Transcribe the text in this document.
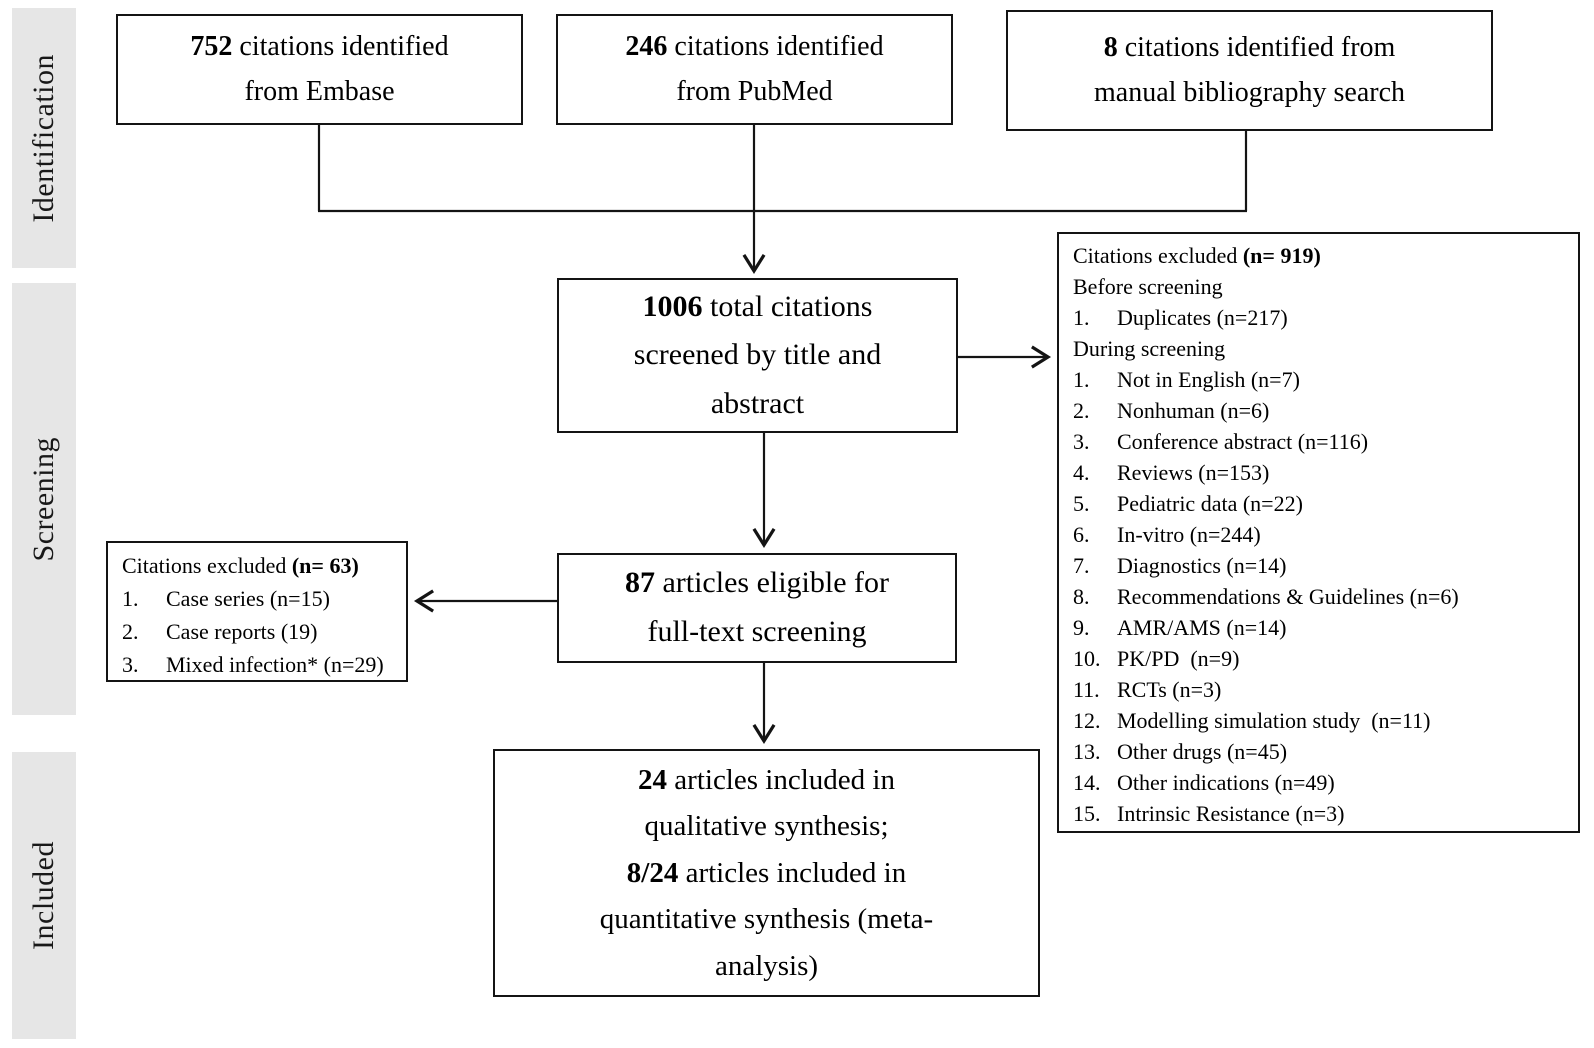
Identification
Screening
Included
752 citations identified
from Embase
246 citations identified
from PubMed
8 citations identified from
manual bibliography search
1006 total citations
screened by title and
abstract
Citations excluded (n= 919)
Before screening
1.	Duplicates (n=217)
During screening
1.	Not in English (n=7)
2.	Nonhuman (n=6)
3.	Conference abstract (n=116)
4.	Reviews (n=153)
5.	Pediatric data (n=22)
6.	In-vitro (n=244)
7.	Diagnostics (n=14)
8.	Recommendations & Guidelines (n=6)
9.	AMR/AMS (n=14)
10. PK/PD  (n=9)
11. RCTs (n=3)
12. Modelling simulation study  (n=11)
13. Other drugs (n=45)
14. Other indications (n=49)
15. Intrinsic Resistance (n=3)
87 articles eligible for
full-text screening
Citations excluded (n= 63)
1.	Case series (n=15)
2.	Case reports (19)
3.	Mixed infection* (n=29)
24 articles included in
qualitative synthesis;
8/24 articles included in
quantitative synthesis (meta-
analysis)
